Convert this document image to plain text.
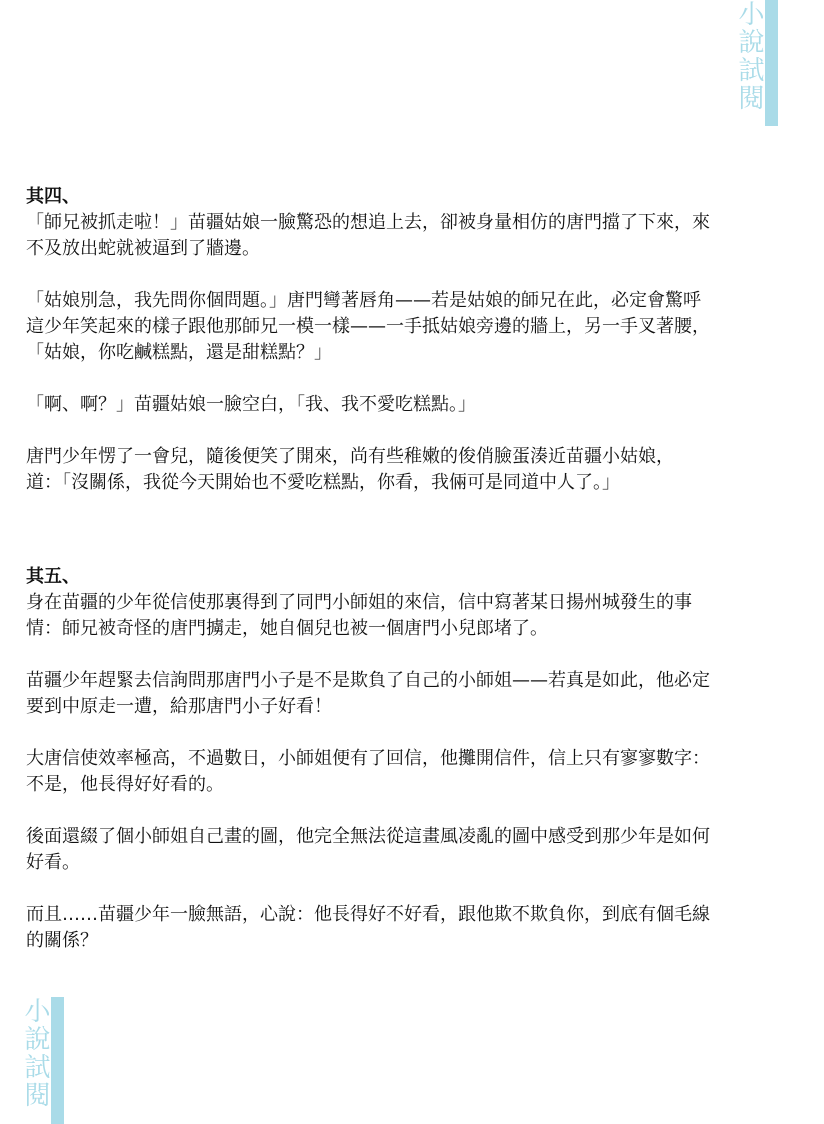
小說試閱
其四、

「師兄被抓走啦！」苗疆姑娘一臉驚恐的想追上去，卻被身量相仿的唐門擋了下來，來
不及放出蛇就被逼到了牆邊。

「姑娘別急，我先問你個問題。」唐門彎著唇角——若是姑娘的師兄在此，必定會驚呼
這少年笑起來的樣子跟他那師兄一模一樣——一手抵姑娘旁邊的牆上，另一手叉著腰，
「姑娘，你吃鹹糕點，還是甜糕點？」

「啊、啊？」苗疆姑娘一臉空白，「我、我不愛吃糕點。」

唐門少年愣了一會兒，隨後便笑了開來，尚有些稚嫩的俊俏臉蛋湊近苗疆小姑娘，
道：「沒關係，我從今天開始也不愛吃糕點，你看，我倆可是同道中人了。」

其五、

身在苗疆的少年從信使那裏得到了同門小師姐的來信，信中寫著某日揚州城發生的事
情：師兄被奇怪的唐門擄走，她自個兒也被一個唐門小兒郎堵了。

苗疆少年趕緊去信詢問那唐門小子是不是欺負了自己的小師姐——若真是如此，他必定
要到中原走一遭，給那唐門小子好看！

大唐信使效率極高，不過數日，小師姐便有了回信，他攤開信件，信上只有寥寥數字：
不是，他長得好好看的。

後面還綴了個小師姐自己畫的圖，他完全無法從這畫風凌亂的圖中感受到那少年是如何
好看。

而且……苗疆少年一臉無語，心說：他長得好不好看，跟他欺不欺負你，到底有個毛線
的關係？

小說試閱
